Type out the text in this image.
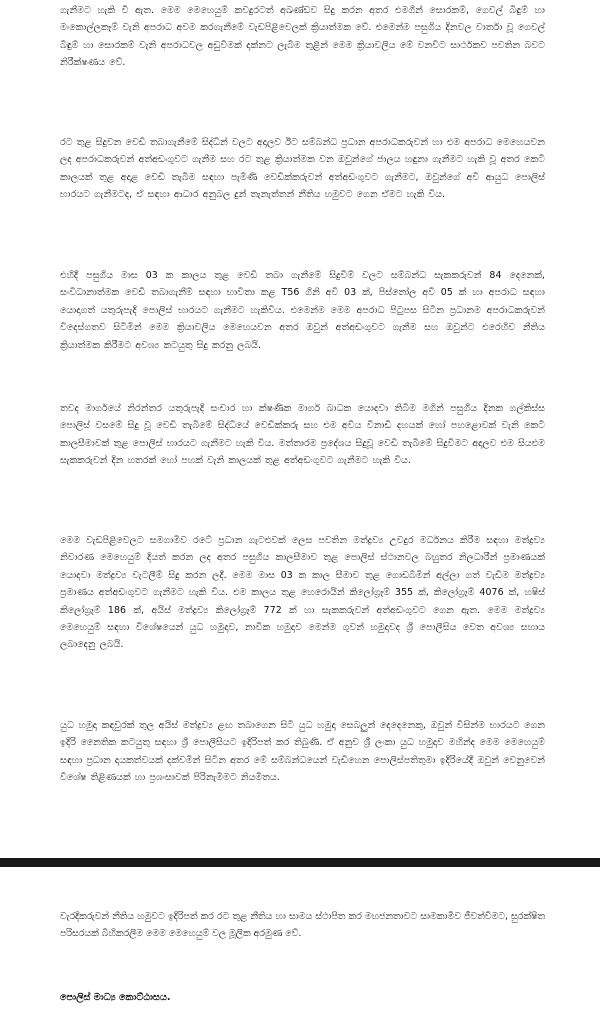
ගැනීමට හැකි වී ඇත. මෙම මෙහෙයුම් කවදුරටත් අඛණ්ඩව සිදු කරන අතර එමගින් සොරකම්, ගෙවල් බිඳුම් හා මංකොල්ලකෑම් වැනි අපරාධ අවම කරගැනීමේ වැඩපිළිවෙලක් ක්‍රියාත්මක වේ. එමෙන්ම පසුගිය දිනවල වාර්තා වූ ගෙවල් බිඳුම් හා සොරකම් වැනි අපරාධවල අඩුවීමක් දක්නට ලැබීම තුළින් මෙම ක්‍රියාවලිය මේ වනවිට සාර්ථකව පවතින බවට නිරීක්ෂණය වේ.

රට තුළ සිදුවන වෙඩි තබාගැනීමේ සිද්ධීන් වලට අදාලව ඊට සම්බන්ධ ප්‍රධාන අපරාධකරුවන් හා එම අපරාධ මෙහෙයවන ලද අපරාධකරුවන් අත්අඩංගුවට ගැනීම සහ රට තුළ ක්‍රියාත්මක වන ඔවුන්ගේ ජාලය හඳුනා ගැනීමට හැකි වූ අතර කෙටි කාලයක් තුළ අදාළ වෙඩි තැබීම සඳහා පැමිණි වෙඩික්කරුවන් අත්අඩංගුවට ගැනීමට, ඔවුන්ගේ අවි ආයුධ පොලිස් භාරයට ගැනීමටද, ඒ සඳහා ආධාර අනුබල දුන් තැනැත්තන් නීතිය හමුවට ගෙන ඒමට හැකි විය.

එහිදී පසුගිය මාස 03 ක කාලය තුළ වෙඩි තබා ගැනීමේ සිදුවීම් වලට සම්බන්ධ සැකකරුවන් 84 දෙනෙක්, සංවිධානාත්මක වෙඩි තබාගැනීම් සඳහා භාවිතා කළ T56 ගිනි අවි 03 ක්, පිස්තෝල අවි 05 ක් හා අපරාධ සඳහා යොදාගත් යතුරුපැදි පොලිස් භාරයට ගැනීමට හැකිවිය. එමෙන්ම මෙම අපරාධ පිටුපස සිටින ප්‍රධානම අපරාධකරුවන් විදෙස්ගතව සිටිමින් මෙම ක්‍රියාවලිය මෙහෙයවන අතර ඔවුන් අත්අඩංගුවට ගැනීම සහ ඔවුන්ට එරෙහිව නීතිය ක්‍රියාත්මක කිරීමට අවශ්‍ය කටයුතු සිදු කරනු ලබයි.

තවද මාර්ගයේ නිරන්තර යතුරුපැදි සංචාර හා ක්ෂණික මාර්ග බාධක යොදවා තිබීම මගින් පසුගිය දිනක ගල්කිස්ස පොලිස් වසමේ සිදු වූ වෙඩි තැබීමේ සිද්ධියේ වෙඩික්කරු සහ එම අවිය විනාඩි දහයක් හෝ පහළොවක් වැනි කෙටි කාලසීමාවක් තුළ පොලිස් භාරයට ගැනීමට හැකි විය. මත්තාරම ප්‍රදේශය සිදුවූ වෙඩි තැබීමේ සිදුවීමට අදාලව එම සියළුම සැකකරුවන් දින හතරක් හෝ පහක් වැනි කාලයක් තුළ අත්අඩංගුවට ගැනීමට හැකි විය.

මෙම වැඩපිළිවෙලට සමගාමීව රටේ ප්‍රධාන ගැටළුවක් ලෙස පවතින මත්ද්‍රව්‍ය උවදුර මර්ධනය කිරීම සඳහා මත්ද්‍රව්‍ය නිවාරණ මෙහෙයුම් දියත් කරන ලද අතර පසුගිය කාලසීමාව තුළ පොලිස් ස්ථානවල බහුතර නිලධාරීන් ප්‍රමාණයක් යොදවා මත්ද්‍රව්‍ය වැටලීම් සිදු කරන ලදී. මෙම මාස 03 ක කාල සීමාව තුළ ගොඩබිමින් අල්ලා ගත් වැඩිම මත්ද්‍රව්‍ය ප්‍රමාණය අත්අඩංගුවට ගැනීමට හැකි විය. එම කාලය තුළ හෙරොයින් කිලෝග්‍රෑම් 355 ක්, කිලෝග්‍රෑම් 4076 ක්, හෂිස් කිලෝග්‍රෑම් 186 ක්, අයිස් මත්ද්‍රව්‍ය කිලෝග්‍රෑම් 772 ක් හා සැකකරුවන් අත්අඩංගුවට ගෙන ඇත. මෙම මත්ද්‍රව්‍ය මෙහෙයුම් සඳහා විශේෂයෙන් යුධ හමුදාව, නාවික හමුදාව මෙන්ම ගුවන් හමුදාවද ශ්‍රී පොලීසිය වෙත අවශ්‍ය සහාය ලබාදෙනු ලබයි.

යුධ හමුදා කඳවුරක් තුල අයිස් මත්ද්‍රව්‍ය ළඟ තබාගෙන සිටි යුධ හමුදා සෙබලුන් දෙදෙනෙකු, ඔවුන් විසින්ම භාරයට ගෙන ඉදිරි නෛතික කටයුතු සඳහා ශ්‍රී පොලීසියට ඉදිරිපත් කර තිබුණි. ඒ අනුව ශ්‍රී ලංකා යුධ හමුදාව මහින්ද මෙම මෙහෙයුම් සඳහා ප්‍රධාන දායකත්වයක් දක්වමින් සිටින අතර මේ සම්බන්ධයෙන් වැඩිහෙන පොලිස්පතිතුමා ඉදිරියේදී ඔවුන් වෙනුවෙන් විශේෂ තිළිණයක් හා ප්‍රශංසාවක් පිරිනැමීමට නියමිතය.

වැරදිකරුවන් නීතිය හමුවට ඉදිරිපත් කර රට තුළ නීතිය හා සාමය ස්ථාපිත කර මහජනතාවට සාමකාමීව ජීවත්වීමට, සුරක්ෂිත පරිසරයක් බිහිකරලීම මෙම මෙහෙයුම් වල මූලික අරමුණ වේ.

පොලිස් මාධ්‍ය කොට්ඨාසය.
